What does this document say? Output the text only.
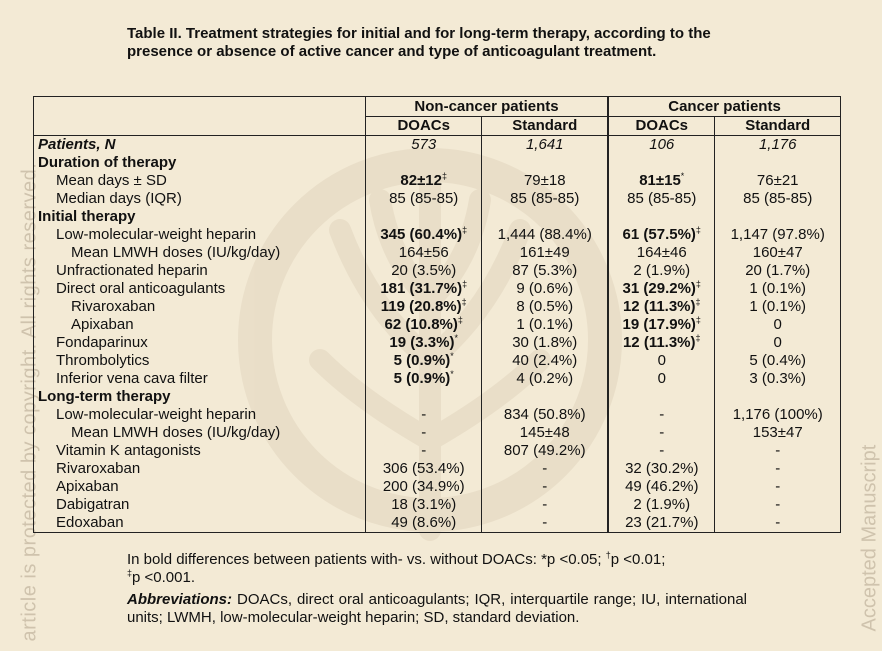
article is protected by copyright. All rights reserved.	Accepted Manuscript
Table II. Treatment strategies for initial and for long-term therapy, according to the presence or absence of active cancer and type of anticoagulant treatment.
	Non-cancer patients		Cancer patients	
	DOACs	Standard	DOACs	Standard
Patients, N	573	1,641	106	1,176
Duration of therapy				
Mean days ± SD	82±12‡	79±18	81±15*	76±21
Median days (IQR)	85 (85-85)	85 (85-85)	85 (85-85)	85 (85-85)
Initial therapy				
Low-molecular-weight heparin	345 (60.4%)‡	1,444 (88.4%)	61 (57.5%)‡	1,147 (97.8%)
Mean LMWH doses (IU/kg/day)	164±56	161±49	164±46	160±47
Unfractionated heparin	20 (3.5%)	87 (5.3%)	2 (1.9%)	20 (1.7%)
Direct oral anticoagulants	181 (31.7%)‡	9 (0.6%)	31 (29.2%)‡	1 (0.1%)
Rivaroxaban	119 (20.8%)‡	8 (0.5%)	12 (11.3%)‡	1 (0.1%)
Apixaban	62 (10.8%)‡	1 (0.1%)	19 (17.9%)‡	0
Fondaparinux	19 (3.3%)*	30 (1.8%)	12 (11.3%)‡	0
Thrombolytics	5 (0.9%)*	40 (2.4%)	0	5 (0.4%)
Inferior vena cava filter	5 (0.9%)*	4 (0.2%)	0	3 (0.3%)
Long-term therapy				
Low-molecular-weight heparin	-	834 (50.8%)	-	1,176 (100%)
Mean LMWH doses (IU/kg/day)	-	145±48	-	153±47
Vitamin K antagonists	-	807 (49.2%)	-	-
Rivaroxaban	306 (53.4%)	-	32 (30.2%)	-
Apixaban	200 (34.9%)	-	49 (46.2%)	-
Dabigatran	18 (3.1%)	-	2 (1.9%)	-
Edoxaban	49 (8.6%)	-	23 (21.7%)	-

In bold differences between patients with- vs. without DOACs: *p <0.05; †p <0.01;
‡p <0.001.

Abbreviations: DOACs, direct oral anticoagulants; IQR, interquartile range; IU, international units; LWMH, low-molecular-weight heparin; SD, standard deviation.
